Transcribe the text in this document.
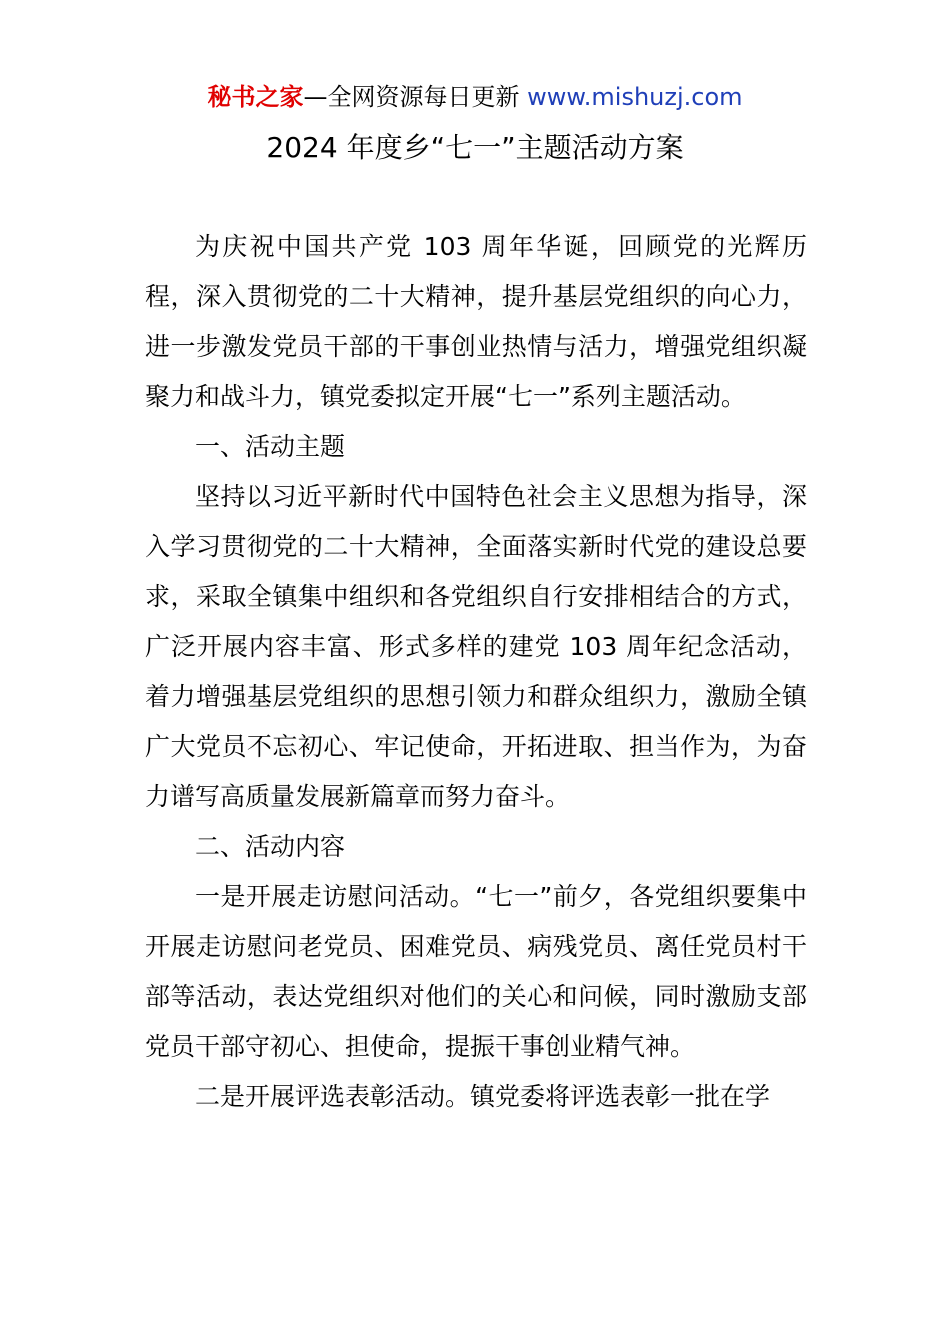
秘书之家—全网资源每日更新 www.mishuzj.com
2024 年度乡“七一”主题活动方案

为庆祝中国共产党 103 周年华诞，回顾党的光辉历程，深入贯彻党的二十大精神，提升基层党组织的向心力，进一步激发党员干部的干事创业热情与活力，增强党组织凝聚力和战斗力，镇党委拟定开展“七一”系列主题活动。

一、活动主题

坚持以习近平新时代中国特色社会主义思想为指导，深入学习贯彻党的二十大精神，全面落实新时代党的建设总要求，采取全镇集中组织和各党组织自行安排相结合的方式，广泛开展内容丰富、形式多样的建党 103 周年纪念活动，着力增强基层党组织的思想引领力和群众组织力，激励全镇广大党员不忘初心、牢记使命，开拓进取、担当作为，为奋力谱写高质量发展新篇章而努力奋斗。

二、活动内容

一是开展走访慰问活动。“七一”前夕，各党组织要集中开展走访慰问老党员、困难党员、病残党员、离任党员村干部等活动，表达党组织对他们的关心和问候，同时激励支部党员干部守初心、担使命，提振干事创业精气神。

二是开展评选表彰活动。镇党委将评选表彰一批在学
